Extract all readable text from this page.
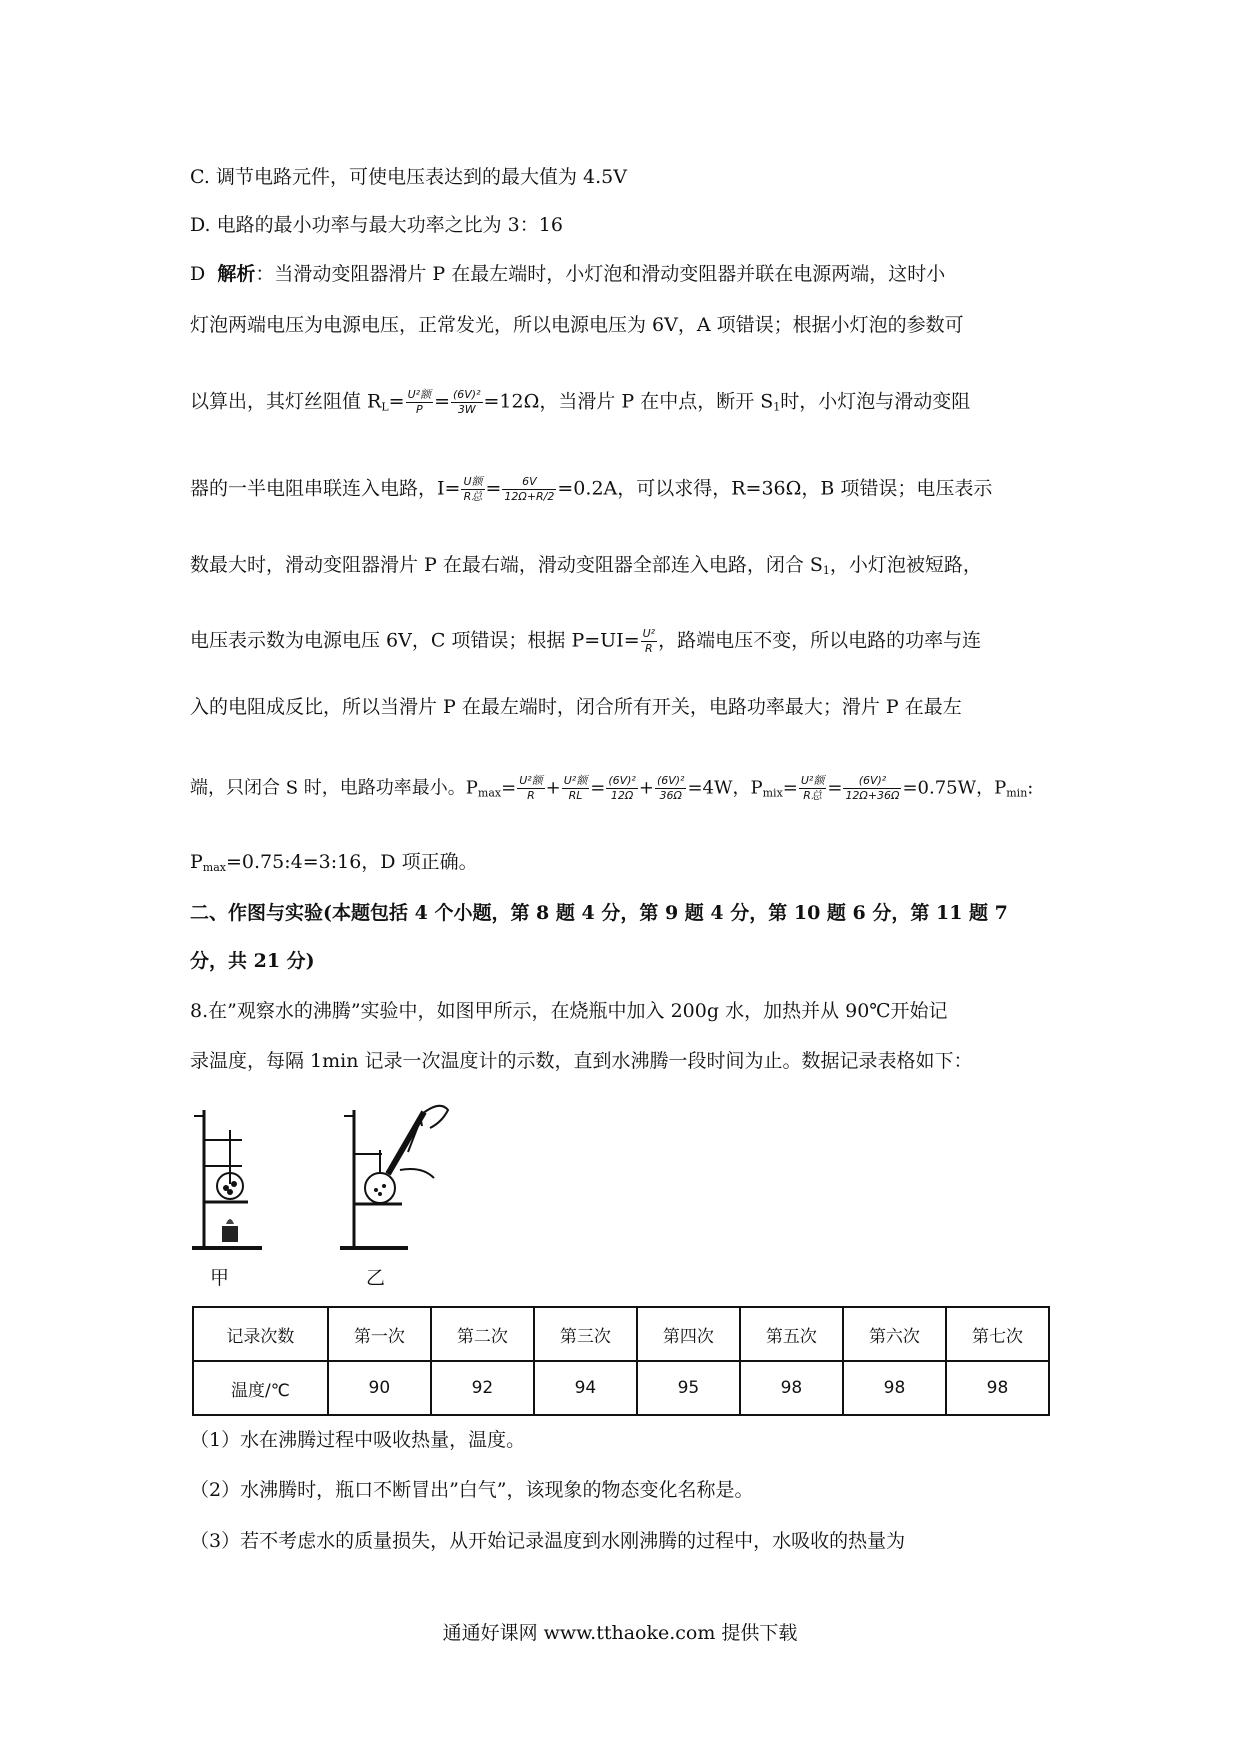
C. 调节电路元件，可使电压表达到的最大值为 4.5V
D. 电路的最小功率与最大功率之比为 3：16
D 解析：当滑动变阻器滑片 P 在最左端时，小灯泡和滑动变阻器并联在电源两端，这时小
灯泡两端电压为电源电压，正常发光，所以电源电压为 6V，A 项错误；根据小灯泡的参数可
以算出，其灯丝阻值 $R_L= \frac{\text{U²额}}{P} = \frac{\text{(6V)²}}{3W} =12\Omega$，当滑片 P 在中点，断开 $S_1$时，小灯泡与滑动变阻
器的一半电阻串联连入电路，$I= \frac{\text{U额}}{\text{R总}} = \frac{6V}{12\Omega+R/2} =0.2A$，可以求得，R=36Ω，B 项错误；电压表示
数最大时，滑动变阻器滑片 P 在最右端，滑动变阻器全部连入电路，闭合 $S_1$，小灯泡被短路，
电压表示数为电源电压 6V，C 项错误；根据 $P=UI= \frac{\text{U²}}{R}$ ，路端电压不变，所以电路的功率与连
入的电阻成反比，所以当滑片 P 在最左端时，闭合所有开关，电路功率最大；滑片 P 在最左
端，只闭合 S 时，电路功率最小。$P_{max}= \frac{\text{U²额}}{R} + \frac{\text{U²额}}{RL} = \frac{\text{(6V)²}}{12\Omega} + \frac{\text{(6V)²}}{36\Omega} =4W$，$P_{mix}= \frac{\text{U²额}}{\text{R总}} = \frac{\text{(6V)²}}{12\Omega+36\Omega} =0.75W$，$P_{min}$:
$P_{max}=0.75:4=3:16$，D 项正确。
二、作图与实验(本题包括 4 个小题，第 8 题 4 分，第 9 题 4 分，第 10 题 6 分，第 11 题 7
分，共 21 分)
8.在”观察水的沸腾”实验中，如图甲所示，在烧瓶中加入 200g 水，加热并从 90℃开始记
录温度，每隔 1min 记录一次温度计的示数，直到水沸腾一段时间为止。数据记录表格如下：
甲	乙
记录次数	第一次	第二次	第三次	第四次	第五次	第六次	第七次
温度/℃	90	92	94	95	98	98	98
（1）水在沸腾过程中吸收热量，温度。
（2）水沸腾时，瓶口不断冒出”白气”，该现象的物态变化名称是。
（3）若不考虑水的质量损失，从开始记录温度到水刚沸腾的过程中，水吸收的热量为
通通好课网 www.tthaoke.com 提供下载
